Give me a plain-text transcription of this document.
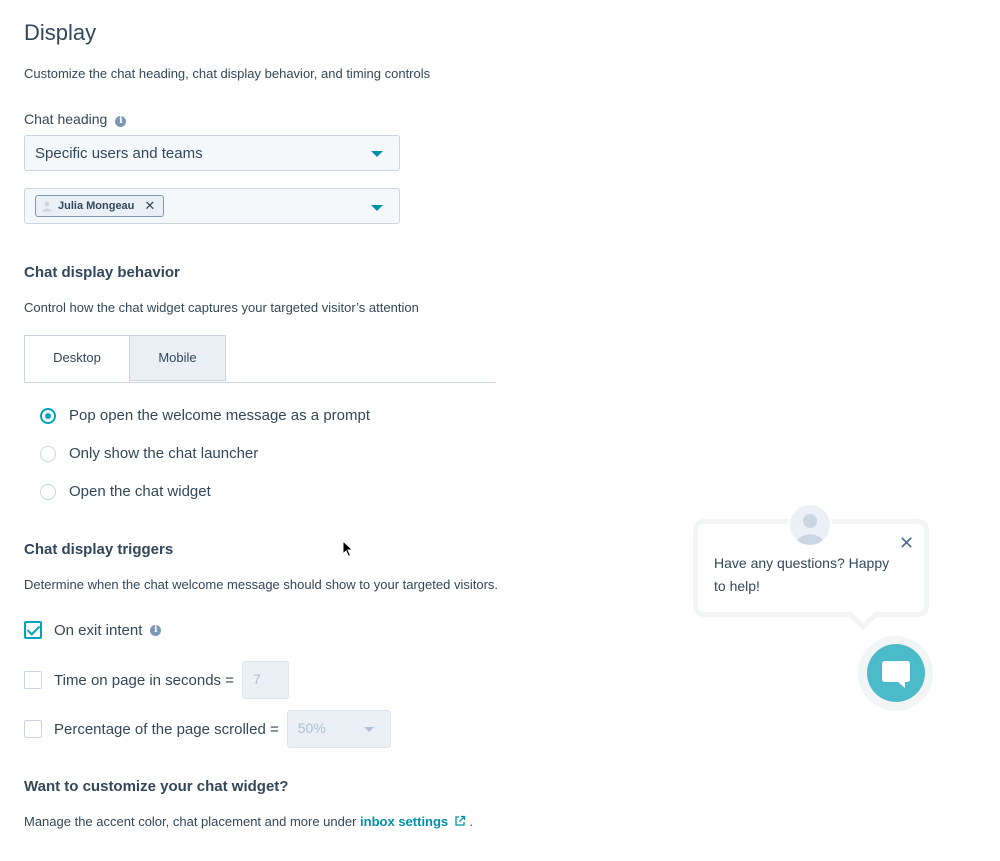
Display
Customize the chat heading, chat display behavior, and timing controls
Chat heading i
Specific users and teams
Julia Mongeau ✕
Chat display behavior
Control how the chat widget captures your targeted visitor’s attention
Desktop	Mobile
Pop open the welcome message as a prompt
Only show the chat launcher
Open the chat widget
Chat display triggers
Determine when the chat welcome message should show to your targeted visitors.
On exit intent	i
Time on page in seconds =	7
Percentage of the page scrolled =	50%
Want to customize your chat widget?
Manage the accent color, chat placement and more under inbox settings  .
Have any questions? Happy to help!
✕
